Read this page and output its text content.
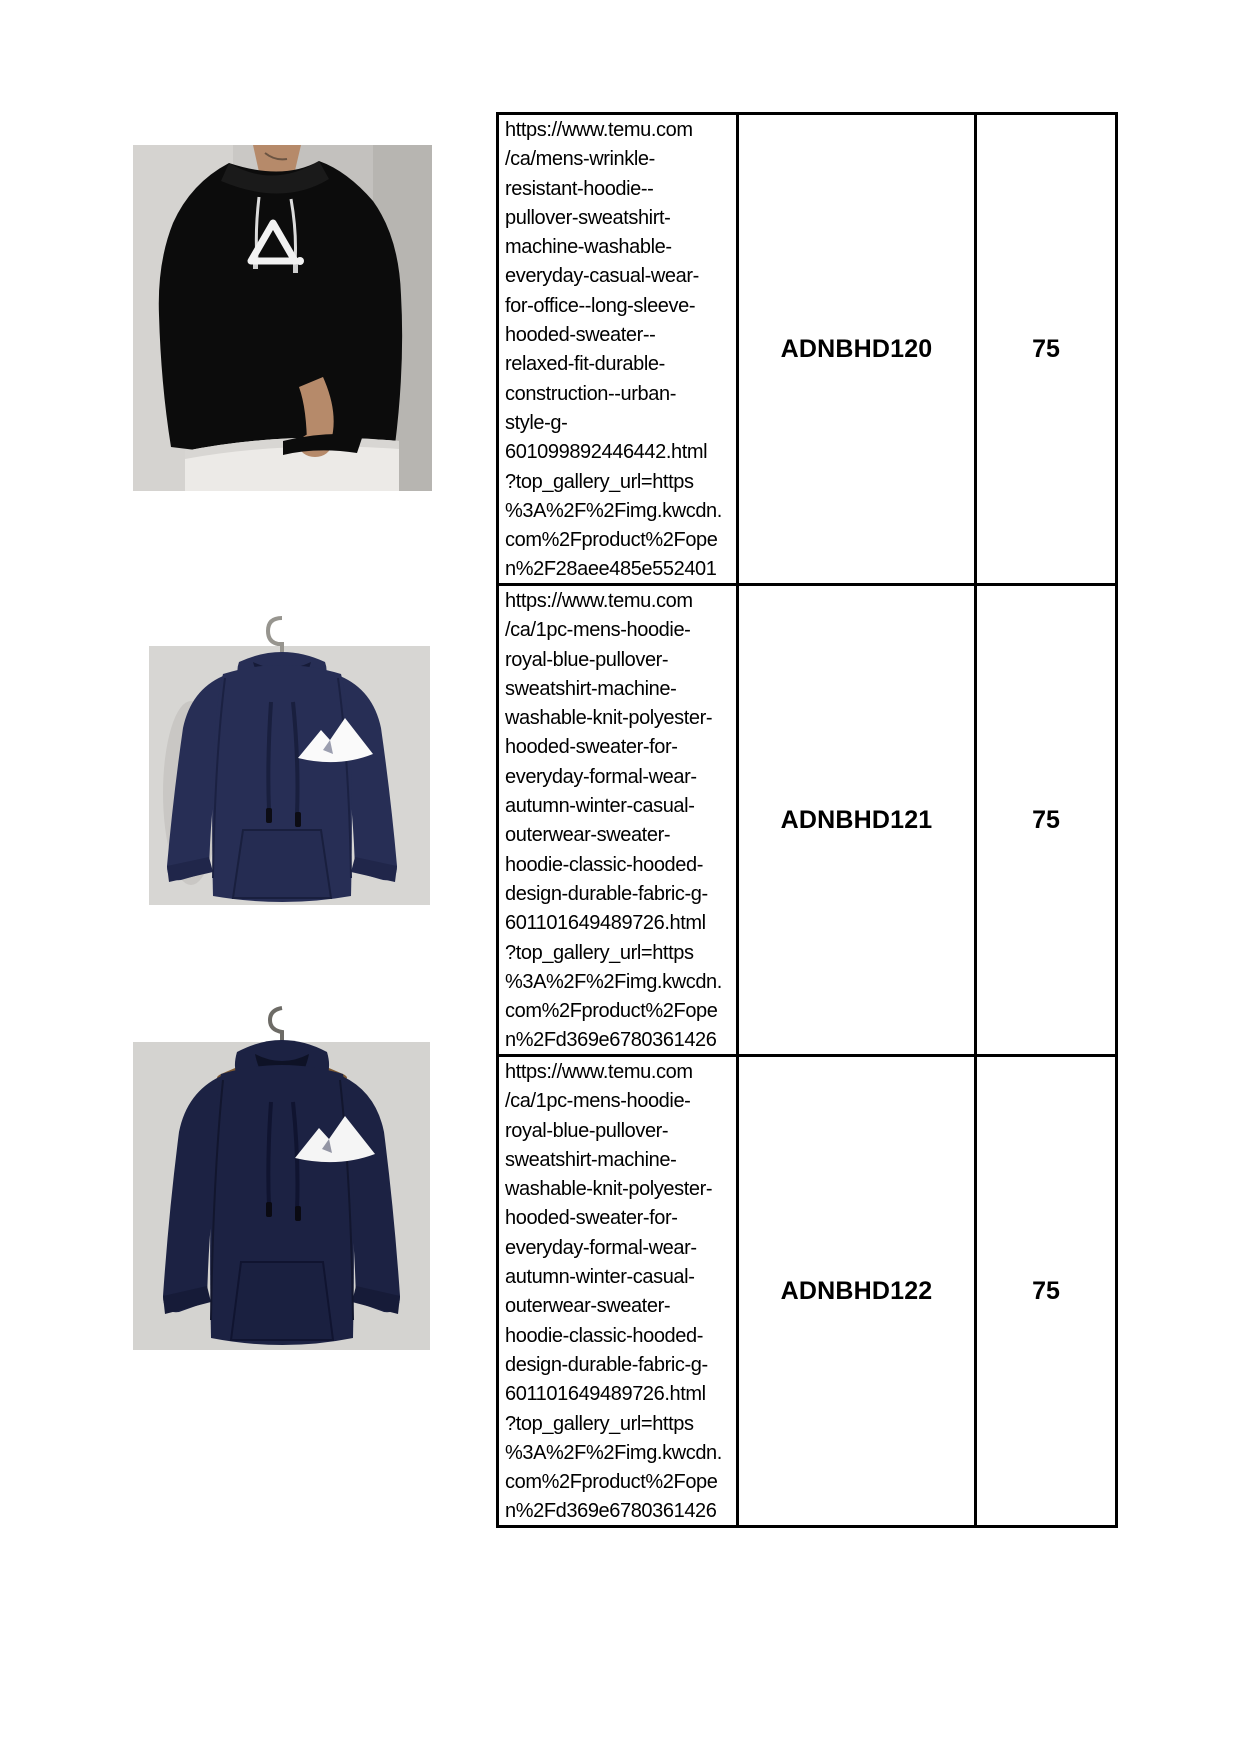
https://www.temu.com
/ca/mens-wrinkle-
resistant-hoodie--
pullover-sweatshirt-
machine-washable-
everyday-casual-wear-
for-office--long-sleeve-
hooded-sweater--
relaxed-fit-durable-
construction--urban-
style-g-
601099892446442.html
?top_gallery_url=https
%3A%2F%2Fimg.kwcdn.
com%2Fproduct%2Fope
n%2F28aee485e552401
	ADNBHD120	75

https://www.temu.com
/ca/1pc-mens-hoodie-
royal-blue-pullover-
sweatshirt-machine-
washable-knit-polyester-
hooded-sweater-for-
everyday-formal-wear-
autumn-winter-casual-
outerwear-sweater-
hoodie-classic-hooded-
design-durable-fabric-g-
601101649489726.html
?top_gallery_url=https
%3A%2F%2Fimg.kwcdn.
com%2Fproduct%2Fope
n%2Fd369e6780361426
	ADNBHD121	75

https://www.temu.com
/ca/1pc-mens-hoodie-
royal-blue-pullover-
sweatshirt-machine-
washable-knit-polyester-
hooded-sweater-for-
everyday-formal-wear-
autumn-winter-casual-
outerwear-sweater-
hoodie-classic-hooded-
design-durable-fabric-g-
601101649489726.html
?top_gallery_url=https
%3A%2F%2Fimg.kwcdn.
com%2Fproduct%2Fope
n%2Fd369e6780361426
	ADNBHD122	75
